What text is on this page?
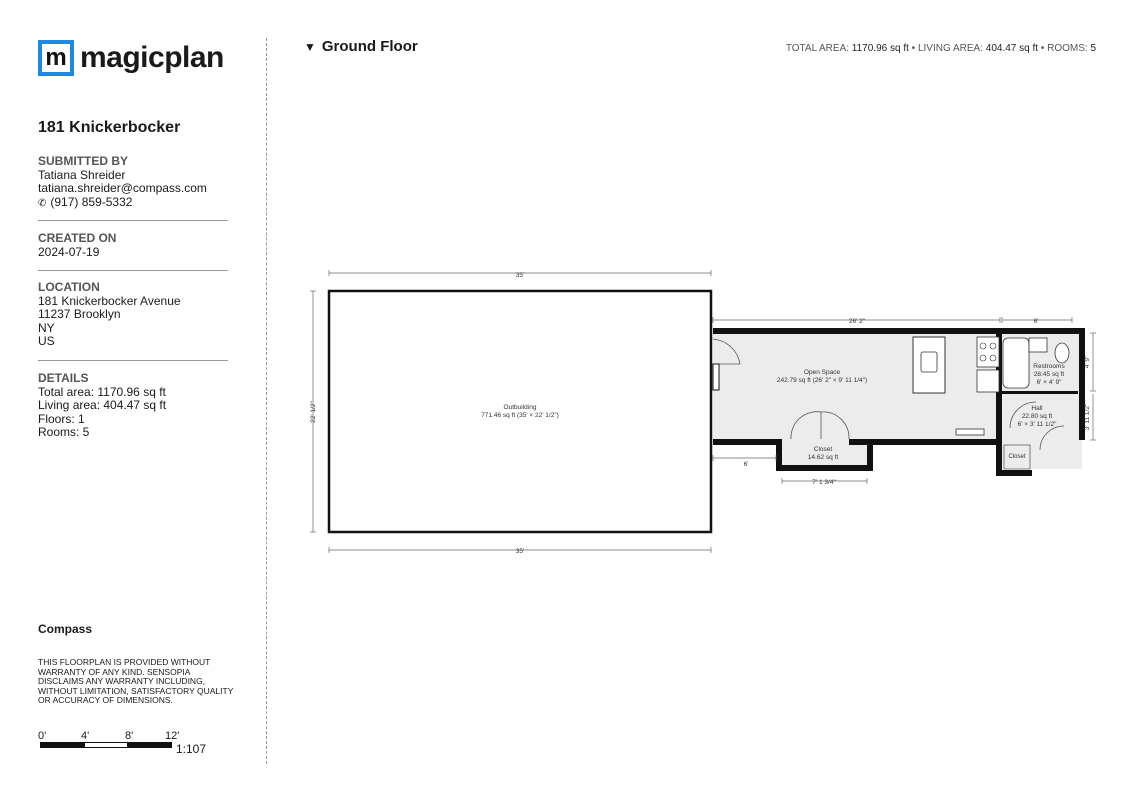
m magicplan
181 Knickerbocker
SUBMITTED BY
Tatiana Shreider
tatiana.shreider@compass.com
✆ (917) 859-5332
CREATED ON
2024-07-19
LOCATION
181 Knickerbocker Avenue
11237 Brooklyn
NY
US
DETAILS
Total area: 1170.96 sq ft
Living area: 404.47 sq ft
Floors: 1
Rooms: 5
Compass
THIS FLOORPLAN IS PROVIDED WITHOUT WARRANTY OF ANY KIND. SENSOPIA DISCLAIMS ANY WARRANTY INCLUDING, WITHOUT LIMITATION, SATISFACTORY QUALITY OR ACCURACY OF DIMENSIONS.
0'	4'	8'	12'
1:107
▼ Ground Floor	TOTAL AREA: 1170.96 sq ft • LIVING AREA: 404.47 sq ft • ROOMS: 5
Outbuilding
771.46 sq ft (35' × 22' 1/2")
Open Space
242.79 sq ft (26' 2" × 9' 11 1/4")
Closet
14.62 sq ft
Restrooms
28.45 sq ft
6' × 4' 9"
Hall
22.80 sq ft
6' × 3' 11 1/2"
Closet
35'
35'
22' 1/2"
26' 2"	6'
4' 9"
3' 11 1/2"
6'
7' 1 3/4"
